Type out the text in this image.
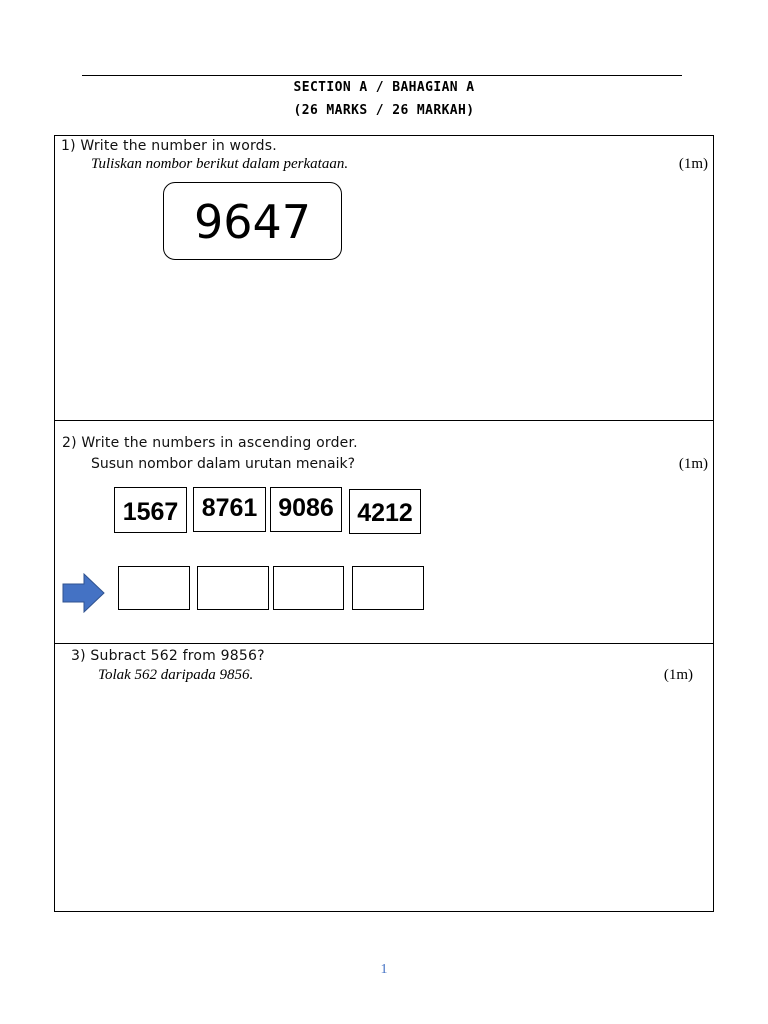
SECTION A / BAHAGIAN A
(26 MARKS / 26 MARKAH)
1) Write the number in words.
Tuliskan nombor berikut dalam perkataan.	(1m)
9647
2) Write the numbers in ascending order.
Susun nombor dalam urutan menaik?	(1m)
1567 8761 9086 4212
3) Subract 562 from 9856?
Tolak 562 daripada 9856.	(1m)
1
